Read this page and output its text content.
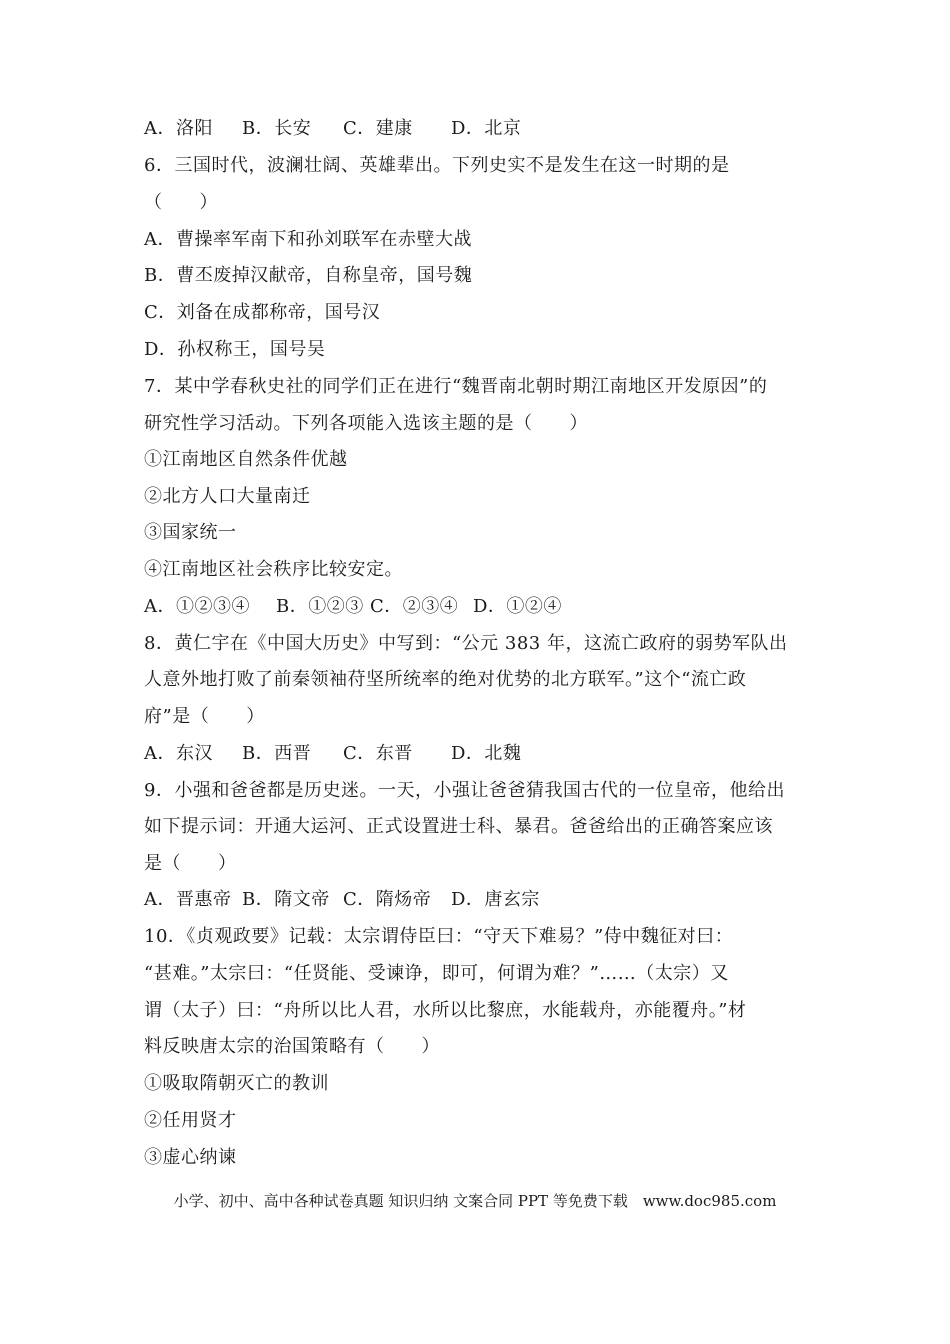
A．洛阳 B．长安 C．建康 D．北京
6．三国时代，波澜壮阔、英雄辈出。下列史实不是发生在这一时期的是
（　　）
A．曹操率军南下和孙刘联军在赤壁大战
B．曹丕废掉汉献帝，自称皇帝，国号魏
C．刘备在成都称帝，国号汉
D．孙权称王，国号吴
7．某中学春秋史社的同学们正在进行“魏晋南北朝时期江南地区开发原因”的
研究性学习活动。下列各项能入选该主题的是（　　）
①江南地区自然条件优越
②北方人口大量南迁
③国家统一
④江南地区社会秩序比较安定。
A．①②③④ B．①②③ C．②③④ D．①②④
8．黄仁宇在《中国大历史》中写到：“公元 383 年，这流亡政府的弱势军队出
人意外地打败了前秦领袖苻坚所统率的绝对优势的北方联军。”这个“流亡政
府”是（　　）
A．东汉 B．西晋 C．东晋 D．北魏
9．小强和爸爸都是历史迷。一天，小强让爸爸猜我国古代的一位皇帝，他给出
如下提示词：开通大运河、正式设置进士科、暴君。爸爸给出的正确答案应该
是（　　）
A．晋惠帝 B．隋文帝 C．隋炀帝 D．唐玄宗
10．《贞观政要》记载：太宗谓侍臣曰：“守天下难易？”侍中魏征对曰：
“甚难。”太宗曰：“任贤能、受谏诤，即可，何谓为难？”……（太宗）又
谓（太子）曰：“舟所以比人君，水所以比黎庶，水能载舟，亦能覆舟。”材
料反映唐太宗的治国策略有（　　）
①吸取隋朝灭亡的教训
②任用贤才
③虚心纳谏
小学、初中、高中各种试卷真题 知识归纳 文案合同 PPT 等免费下载　www.doc985.com
